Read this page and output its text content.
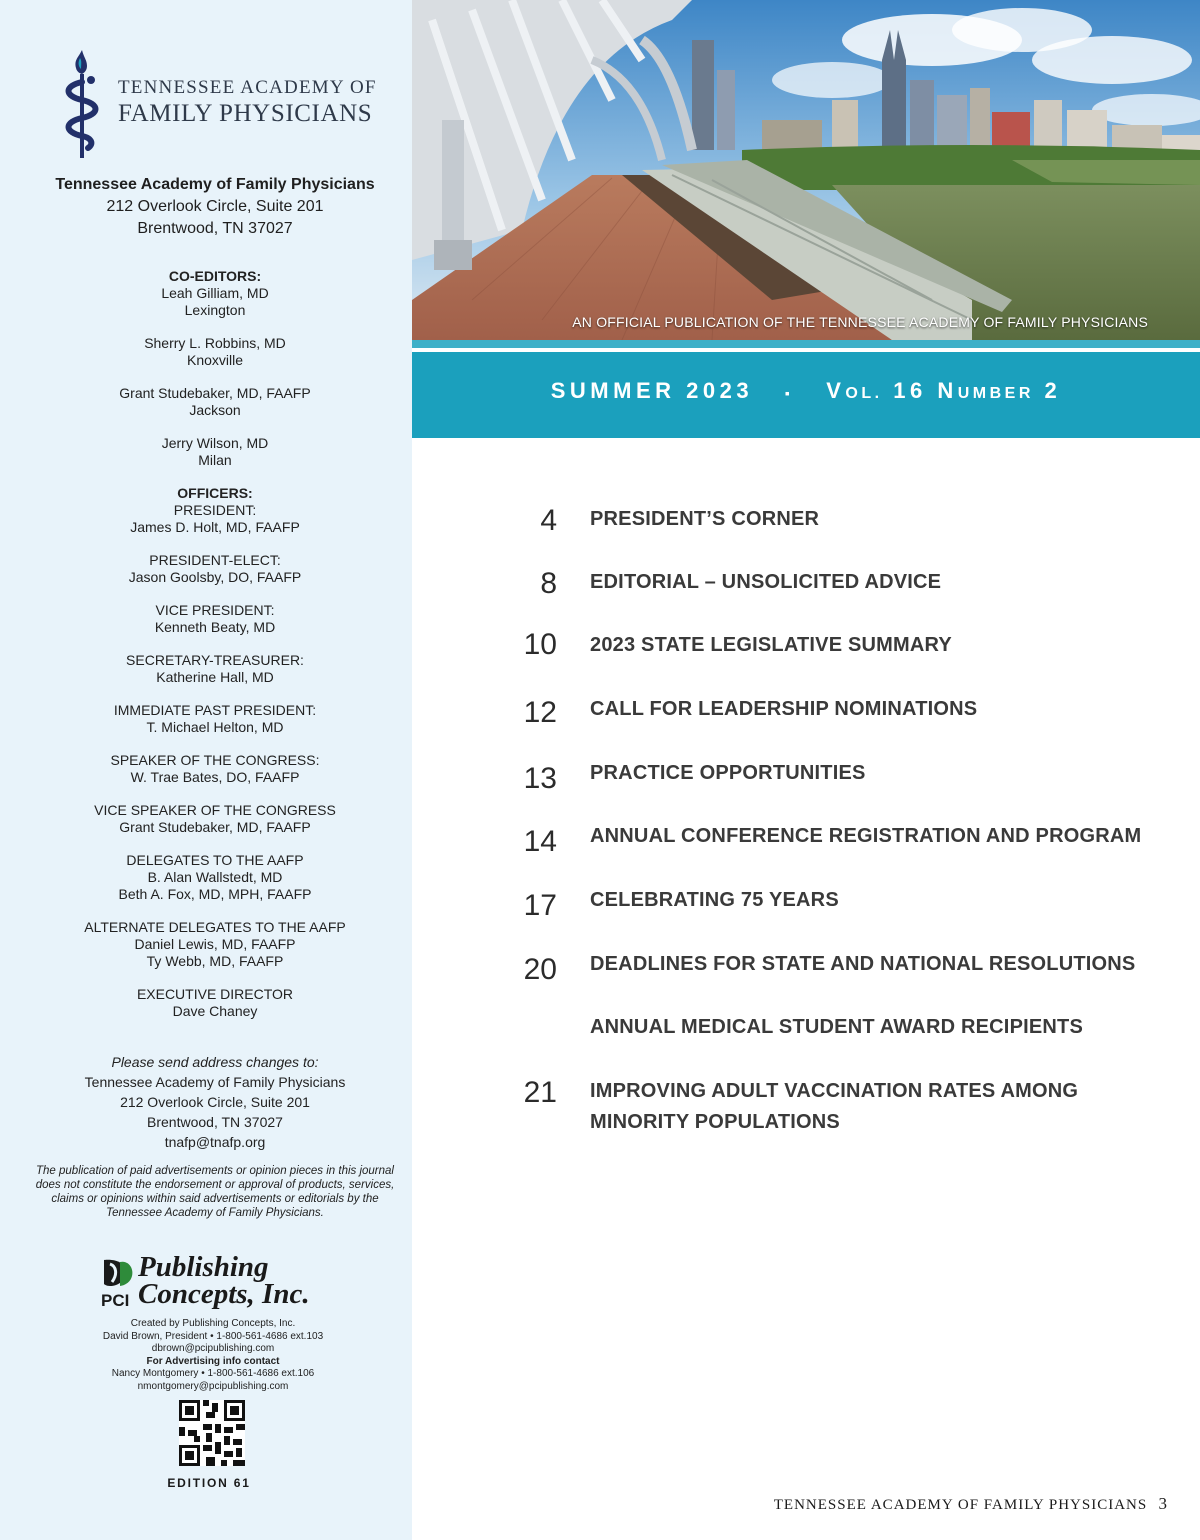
TENNESSEE ACADEMY OF
FAMILY PHYSICIANS
Tennessee Academy of Family Physicians
212 Overlook Circle, Suite 201
Brentwood, TN 37027
CO-EDITORS:
Leah Gilliam, MD
Lexington
Sherry L. Robbins, MD
Knoxville
Grant Studebaker, MD, FAAFP
Jackson
Jerry Wilson, MD
Milan
OFFICERS:
PRESIDENT:
James D. Holt, MD, FAAFP
PRESIDENT-ELECT:
Jason Goolsby, DO, FAAFP
VICE PRESIDENT:
Kenneth Beaty, MD
SECRETARY-TREASURER:
Katherine Hall, MD
IMMEDIATE PAST PRESIDENT:
T. Michael Helton, MD
SPEAKER OF THE CONGRESS:
W. Trae Bates, DO, FAAFP
VICE SPEAKER OF THE CONGRESS
Grant Studebaker, MD, FAAFP
DELEGATES TO THE AAFP
B. Alan Wallstedt, MD
Beth A. Fox, MD, MPH, FAAFP
ALTERNATE DELEGATES TO THE AAFP
Daniel Lewis, MD, FAAFP
Ty Webb, MD, FAAFP
EXECUTIVE DIRECTOR
Dave Chaney
Please send address changes to:
Tennessee Academy of Family Physicians
212 Overlook Circle, Suite 201
Brentwood, TN 37027
tnafp@tnafp.org
The publication of paid advertisements or opinion pieces in this journal does not constitute the endorsement or approval of products, services, claims or opinions within said advertisements or editorials by the Tennessee Academy of Family Physicians.
PCI
Publishing
Concepts, Inc.
Created by Publishing Concepts, Inc.
David Brown, President • 1-800-561-4686 ext.103
dbrown@pcipublishing.com
For Advertising info contact
Nancy Montgomery • 1-800-561-4686 ext.106
nmontgomery@pcipublishing.com
EDITION 61
AN OFFICIAL PUBLICATION OF THE TENNESSEE ACADEMY OF FAMILY PHYSICIANS
SUMMER 2023 ▪ VOL. 16 NUMBER 2
4 PRESIDENT’S CORNER
8 EDITORIAL – UNSOLICITED ADVICE
10 2023 STATE LEGISLATIVE SUMMARY
12 CALL FOR LEADERSHIP NOMINATIONS
13 PRACTICE OPPORTUNITIES
14 ANNUAL CONFERENCE REGISTRATION AND PROGRAM
17 CELEBRATING 75 YEARS
20 DEADLINES FOR STATE AND NATIONAL RESOLUTIONS
ANNUAL MEDICAL STUDENT AWARD RECIPIENTS
21 IMPROVING ADULT VACCINATION RATES AMONG MINORITY POPULATIONS
TENNESSEE ACADEMY OF FAMILY PHYSICIANS 3
